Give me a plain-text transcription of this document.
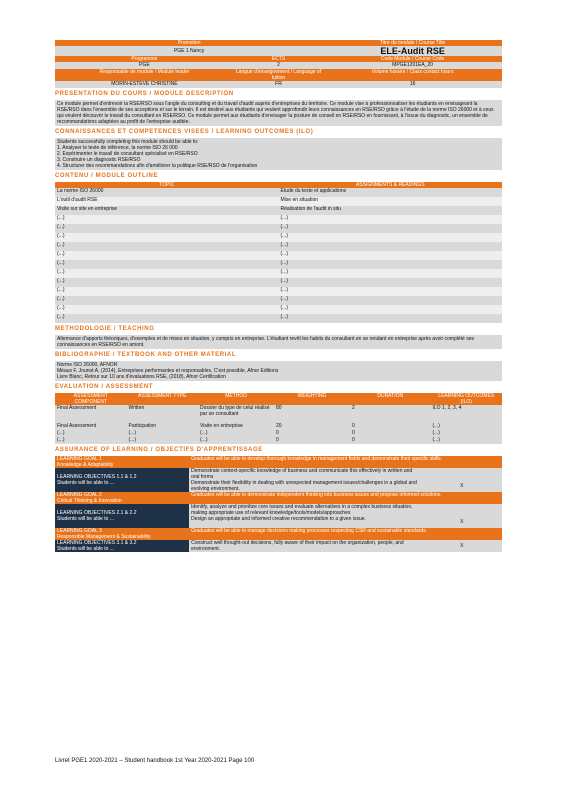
Promotion		Titre du module / Course Title
PGE 1 Nancy		ELE-Audit RSE
Programme	ECTS	Code Module / Course Code
PGE	2	MPGE1201EA_20
Responsable de module / Module leader	Langue d'enseignement / Language of tuition	Volume horaire / Class contact hours
MORIN-ESTEVE CHRISTINE	FR	16
PRESENTATION DU COURS / MODULE DESCRIPTION
Ce module permet d'entrevoir la RSE/RSO sous l'angle du consulting et du travail d'audit auprès d'entreprises du territoire. Ce module vise à professionnaliser les étudiants en envisageant la RSE/RSO dans l'ensemble de ses acceptions et sur le terrain. Il est destiné aux étudiants qui veulent approfondir leurs connaissances en RSE/RSO grâce à l'étude de la norme ISO 26000 et à ceux qui veulent découvrir le travail du consultant en RSE/RSO. Ce module permet aux étudiants d'envisager la posture de conseil en RSE/RSO en fournissant, à l'issue du diagnostic, un ensemble de recommandations adaptées au profit de l'entreprise auditée.
CONNAISSANCES ET COMPETENCES VISEES / LEARNING OUTCOMES (ILO)
Students successfully completing this module should be able to:
1. Analyser le texte de référence, la norme ISO 26 000
2. Expérimenter le travail de consultant spécialisé en RSE/RSO
3. Construire un diagnostic RSE/RSO
4. Structurer des recommandations afin d'améliorer la politique RSE/RSO de l'organisation
CONTENU / MODULE OUTLINE
TOPIC	ASSIGNMENTS & READINGS
La norme ISO 26000	Etude du texte et applications
L'outil d'audit RSE	Mise en situation
Visite sur site en entreprise	Réalisation de l'audit in situ
(...)	(...)
(...)	(...)
(...)	(...)
(...)	(...)
(...)	(...)
(...)	(...)
(...)	(...)
(...)	(...)
(...)	(...)
(...)	(...)
(...)	(...)
(...)	(...)
METHODOLOGIE / TEACHING
Alternance d'apports théoriques, d'exemples et de mises en situation, y compris en entreprise. L'étudiant revêt les habits du consultant en se rendant en entreprise après avoir complété ses connaissances en RSE/RSO en amont.
BIBLIOGRAPHIE / TEXTBOOK AND OTHER MATERIAL
Norme ISO 26000, AFNOR
Méaux F, Jounot A, (2014), Entreprises performantes et responsables, C'est possible, Afnor Editions
Livre Blanc, Retour sur 10 ans d'évaluations RSE, (2018), Afnor Certification
EVALUATION / ASSESSMENT
ASSESSMENT COMPONENT	ASSESSMENT TYPE	METHOD	WEIGHTING	DURATION	LEARNING OUTCOMES (ILO)
Final Assessment	Written	Dossier du type de celui réalisé par un consultant	80	2	ILO 1, 2, 3, 4
Final Assessment	Participation	Visite en entreprise	20	0	(...)
(...)	(...)	(...)	0	0	(...)
(...)	(...)	(...)	0	0	(...)
ASSURANCE OF LEARNING / OBJECTIFS D'APPRENTISSAGE
LEARNING GOAL 1
Knowledge & Adaptability	Graduates will be able to develop thorough knowledge in management fields and demonstrate their specific skills.	

LEARNING OBJECTIVES 1.1 & 1.2
Students will be able to ...	Demonstrate context-specific knowledge of business and communicate this effectively in written and oral forms	
	Demonstrate their flexibility in dealing with unexpected management issues/challenges in a global and evolving environment.	X

LEARNING GOAL 2
Critical Thinking & Innovation	Graduates will be able to demonstrate independent thinking into business issues and propose informed solutions.	

LEARNING OBJECTIVES 2.1 & 2.2
Students will be able to ...	Identify, analyze and prioritize core issues and evaluate alternatives in a complex business situation, making appropriate use of relevant knowledge/tools/models/approaches	
	Design an appropriate and informed creative recommendation to a given issue.	X

LEARNING GOAL 3
Responsible Management & Sustainability	Graduates will be able to manage decisions making processes respecting CSR and sustainable standards.	

LEARNING OBJECTIVES 3.1 & 3.2
Students will be able to ...	Construct well thought-out decisions, fully aware of their impact on the organization, people, and environment.	X
Livret PGE1 2020-2021 – Student handbook 1st Year 2020-2021 Page 100
